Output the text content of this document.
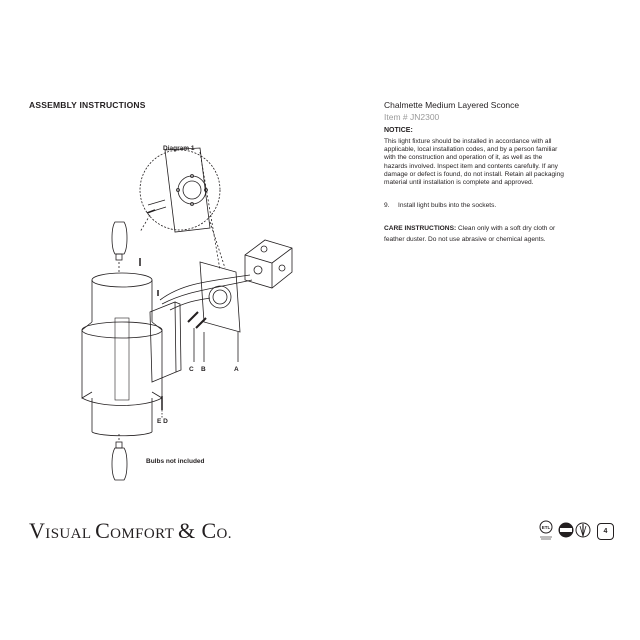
ASSEMBLY INSTRUCTIONS	Chalmette Medium Layered Sconce
Item # JN2300
NOTICE:
This light fixture should be installed in accordance with all
applicable, local installation codes, and by a person familiar
with the construction and operation of it, as well as the
hazards involved. Inspect item and contents carefully. If any
damage or defect is found, do not install. Retain all packaging
material until installation is complete and approved.
9. Install light bulbs into the sockets.
CARE INSTRUCTIONS: Clean only with a soft dry cloth or
feather duster. Do not use abrasive or chemical agents.
Diagram 1
C B	A
E D
Bulbs not included
VISUAL COMFORT & CO.	ETL
4
